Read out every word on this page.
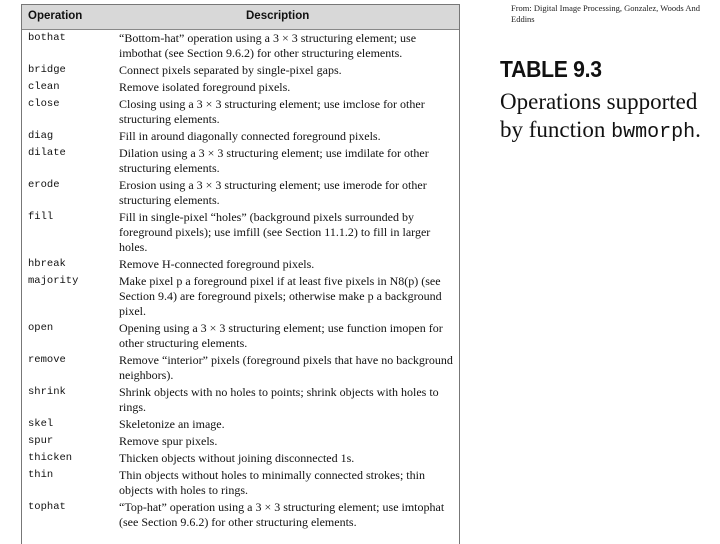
Operation	Description
bothat	“Bottom-hat” operation using a 3 × 3 structuring element; use imbothat (see Section 9.6.2) for other structuring elements.
bridge	Connect pixels separated by single-pixel gaps.
clean	Remove isolated foreground pixels.
close	Closing using a 3 × 3 structuring element; use imclose for other structuring elements.
diag	Fill in around diagonally connected foreground pixels.
dilate	Dilation using a 3 × 3 structuring element; use imdilate for other structuring elements.
erode	Erosion using a 3 × 3 structuring element; use imerode for other structuring elements.
fill	Fill in single-pixel “holes” (background pixels surrounded by foreground pixels); use imfill (see Section 11.1.2) to fill in larger holes.
hbreak	Remove H-connected foreground pixels.
majority	Make pixel p a foreground pixel if at least five pixels in N8(p) (see Section 9.4) are foreground pixels; otherwise make p a background pixel.
open	Opening using a 3 × 3 structuring element; use function imopen for other structuring elements.
remove	Remove “interior” pixels (foreground pixels that have no background neighbors).
shrink	Shrink objects with no holes to points; shrink objects with holes to rings.
skel	Skeletonize an image.
spur	Remove spur pixels.
thicken	Thicken objects without joining disconnected 1s.
thin	Thin objects without holes to minimally connected strokes; thin objects with holes to rings.
tophat	“Top-hat” operation using a 3 × 3 structuring element; use imtophat (see Section 9.6.2) for other structuring elements.
From: Digital Image Processing, Gonzalez, Woods And Eddins
TABLE 9.3
Operations supported by function bwmorph.
